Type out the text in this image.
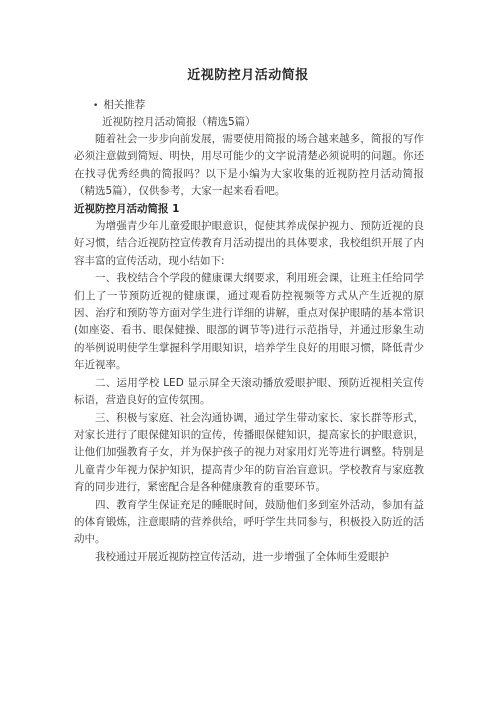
近视防控月活动简报
• 相关推荐
近视防控月活动简报（精选5篇）

随着社会一步步向前发展，需要使用简报的场合越来越多，简报的写作必须注意做到简短、明快，用尽可能少的文字说清楚必须说明的问题。你还在找寻优秀经典的简报吗？以下是小编为大家收集的近视防控月活动简报（精选5篇），仅供参考，大家一起来看看吧。

近视防控月活动简报 1

为增强青少年儿童爱眼护眼意识，促使其养成保护视力、预防近视的良好习惯，结合近视防控宣传教育月活动提出的具体要求，我校组织开展了内容丰富的宣传活动，现小结如下:

一、我校结合个学段的健康课大纲要求，利用班会课，让班主任给同学们上了一节预防近视的健康课，通过观看防控视频等方式从产生近视的原因、治疗和预防等方面对学生进行详细的讲解，重点对保护眼睛的基本常识(如座姿、看书、眼保健操、眼部的调节等)进行示范指导，并通过形象生动的举例说明使学生掌握科学用眼知识，培养学生良好的用眼习惯，降低青少年近视率。

二、运用学校 LED 显示屏全天滚动播放爱眼护眼、预防近视相关宣传标语，营造良好的宣传氛围。

三、积极与家庭、社会沟通协调，通过学生带动家长、家长群等形式，对家长进行了眼保健知识的宣传，传播眼保健知识，提高家长的护眼意识，让他们加强教育子女，并为保护孩子的视力对家用灯光等进行调整。特别是儿童青少年视力保护知识，提高青少年的防盲治盲意识。学校教育与家庭教育的同步进行，紧密配合是各种健康教育的重要环节。

四、教育学生保证充足的睡眠时间，鼓励他们多到室外活动，参加有益的体育锻炼，注意眼睛的营养供给，呼吁学生共同参与，积极投入防近的活动中。

我校通过开展近视防控宣传活动，进一步增强了全体师生爱眼护
